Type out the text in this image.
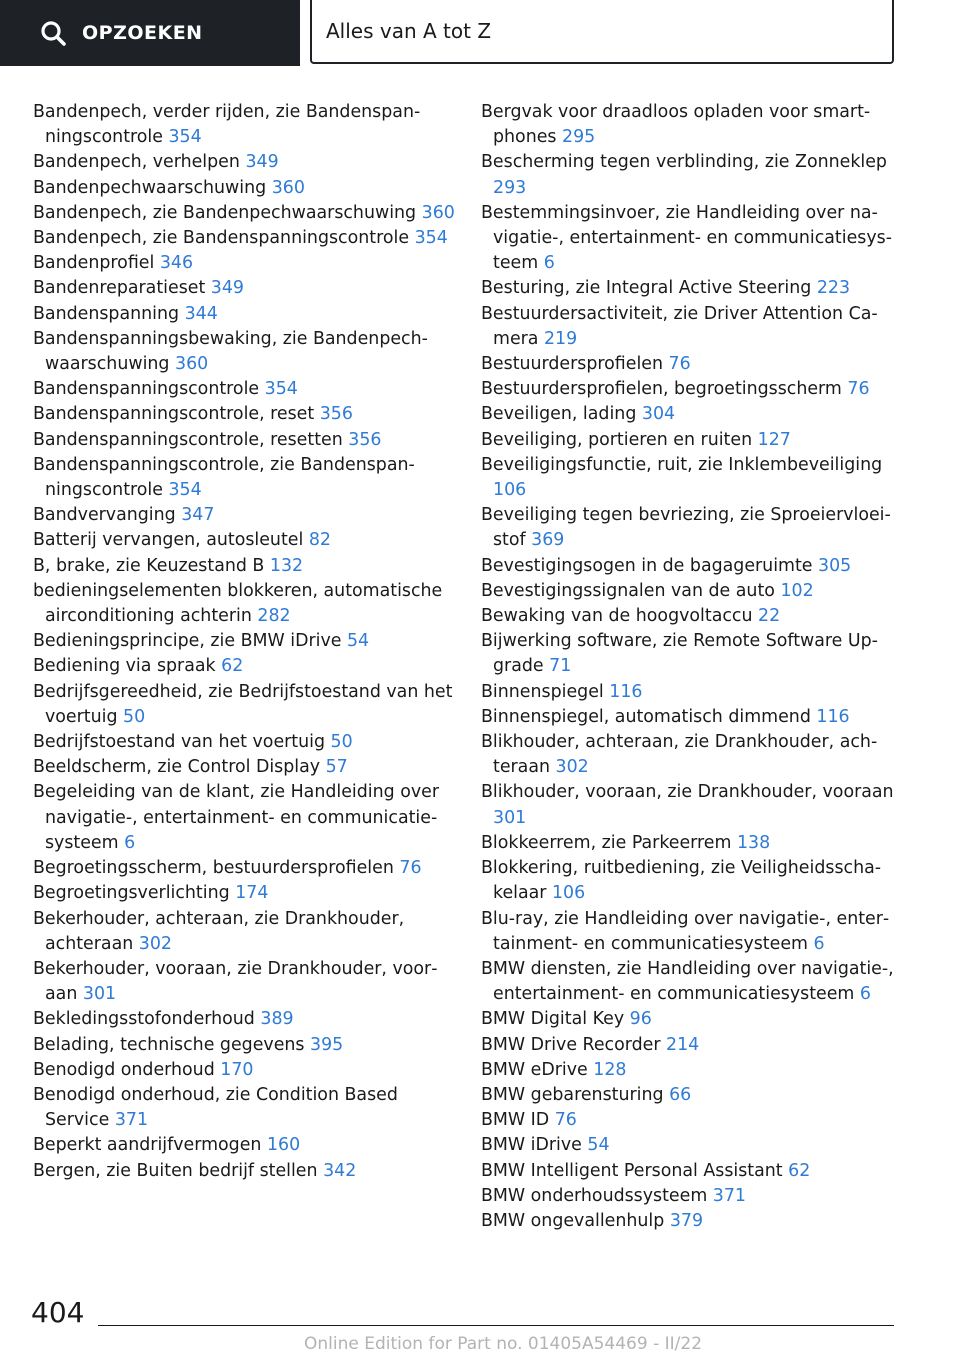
OPZOEKEN	Alles van A tot Z
Bandenpech, verder rijden, zie Bandenspanningscontrole 354
Bandenpech, verhelpen 349
Bandenpechwaarschuwing 360
Bandenpech, zie Bandenpechwaarschuwing 360
Bandenpech, zie Bandenspanningscontrole 354
Bandenprofiel 346
Bandenreparatieset 349
Bandenspanning 344
Bandenspanningsbewaking, zie Bandenpechwaarschuwing 360
Bandenspanningscontrole 354
Bandenspanningscontrole, reset 356
Bandenspanningscontrole, resetten 356
Bandenspanningscontrole, zie Bandenspanningscontrole 354
Bandvervanging 347
Batterij vervangen, autosleutel 82
B, brake, zie Keuzestand B 132
bedieningselementen blokkeren, automatische airconditioning achterin 282
Bedieningsprincipe, zie BMW iDrive 54
Bediening via spraak 62
Bedrijfsgereedheid, zie Bedrijfstoestand van het voertuig 50
Bedrijfstoestand van het voertuig 50
Beeldscherm, zie Control Display 57
Begeleiding van de klant, zie Handleiding over navigatie-, entertainment- en communicatiesysteem 6
Begroetingsscherm, bestuurdersprofielen 76
Begroetingsverlichting 174
Bekerhouder, achteraan, zie Drankhouder, achteraan 302
Bekerhouder, vooraan, zie Drankhouder, vooraan 301
Bekledingsstofonderhoud 389
Belading, technische gegevens 395
Benodigd onderhoud 170
Benodigd onderhoud, zie Condition Based Service 371
Beperkt aandrijfvermogen 160
Bergen, zie Buiten bedrijf stellen 342
Bergvak voor draadloos opladen voor smartphones 295
Bescherming tegen verblinding, zie Zonneklep 293
Bestemmingsinvoer, zie Handleiding over navigatie-, entertainment- en communicatiesysteem 6
Besturing, zie Integral Active Steering 223
Bestuurdersactiviteit, zie Driver Attention Camera 219
Bestuurdersprofielen 76
Bestuurdersprofielen, begroetingsscherm 76
Beveiligen, lading 304
Beveiliging, portieren en ruiten 127
Beveiligingsfunctie, ruit, zie Inklembeveiliging 106
Beveiliging tegen bevriezing, zie Sproeiervloeistof 369
Bevestigingsogen in de bagageruimte 305
Bevestigingssignalen van de auto 102
Bewaking van de hoogvoltaccu 22
Bijwerking software, zie Remote Software Upgrade 71
Binnenspiegel 116
Binnenspiegel, automatisch dimmend 116
Blikhouder, achteraan, zie Drankhouder, achteraan 302
Blikhouder, vooraan, zie Drankhouder, vooraan 301
Blokkeerrem, zie Parkeerrem 138
Blokkering, ruitbediening, zie Veiligheidsschakelaar 106
Blu-ray, zie Handleiding over navigatie-, entertainment- en communicatiesysteem 6
BMW diensten, zie Handleiding over navigatie-, entertainment- en communicatiesysteem 6
BMW Digital Key 96
BMW Drive Recorder 214
BMW eDrive 128
BMW gebarensturing 66
BMW ID 76
BMW iDrive 54
BMW Intelligent Personal Assistant 62
BMW onderhoudssysteem 371
BMW ongevallenhulp 379
404
Online Edition for Part no. 01405A54469 - II/22
